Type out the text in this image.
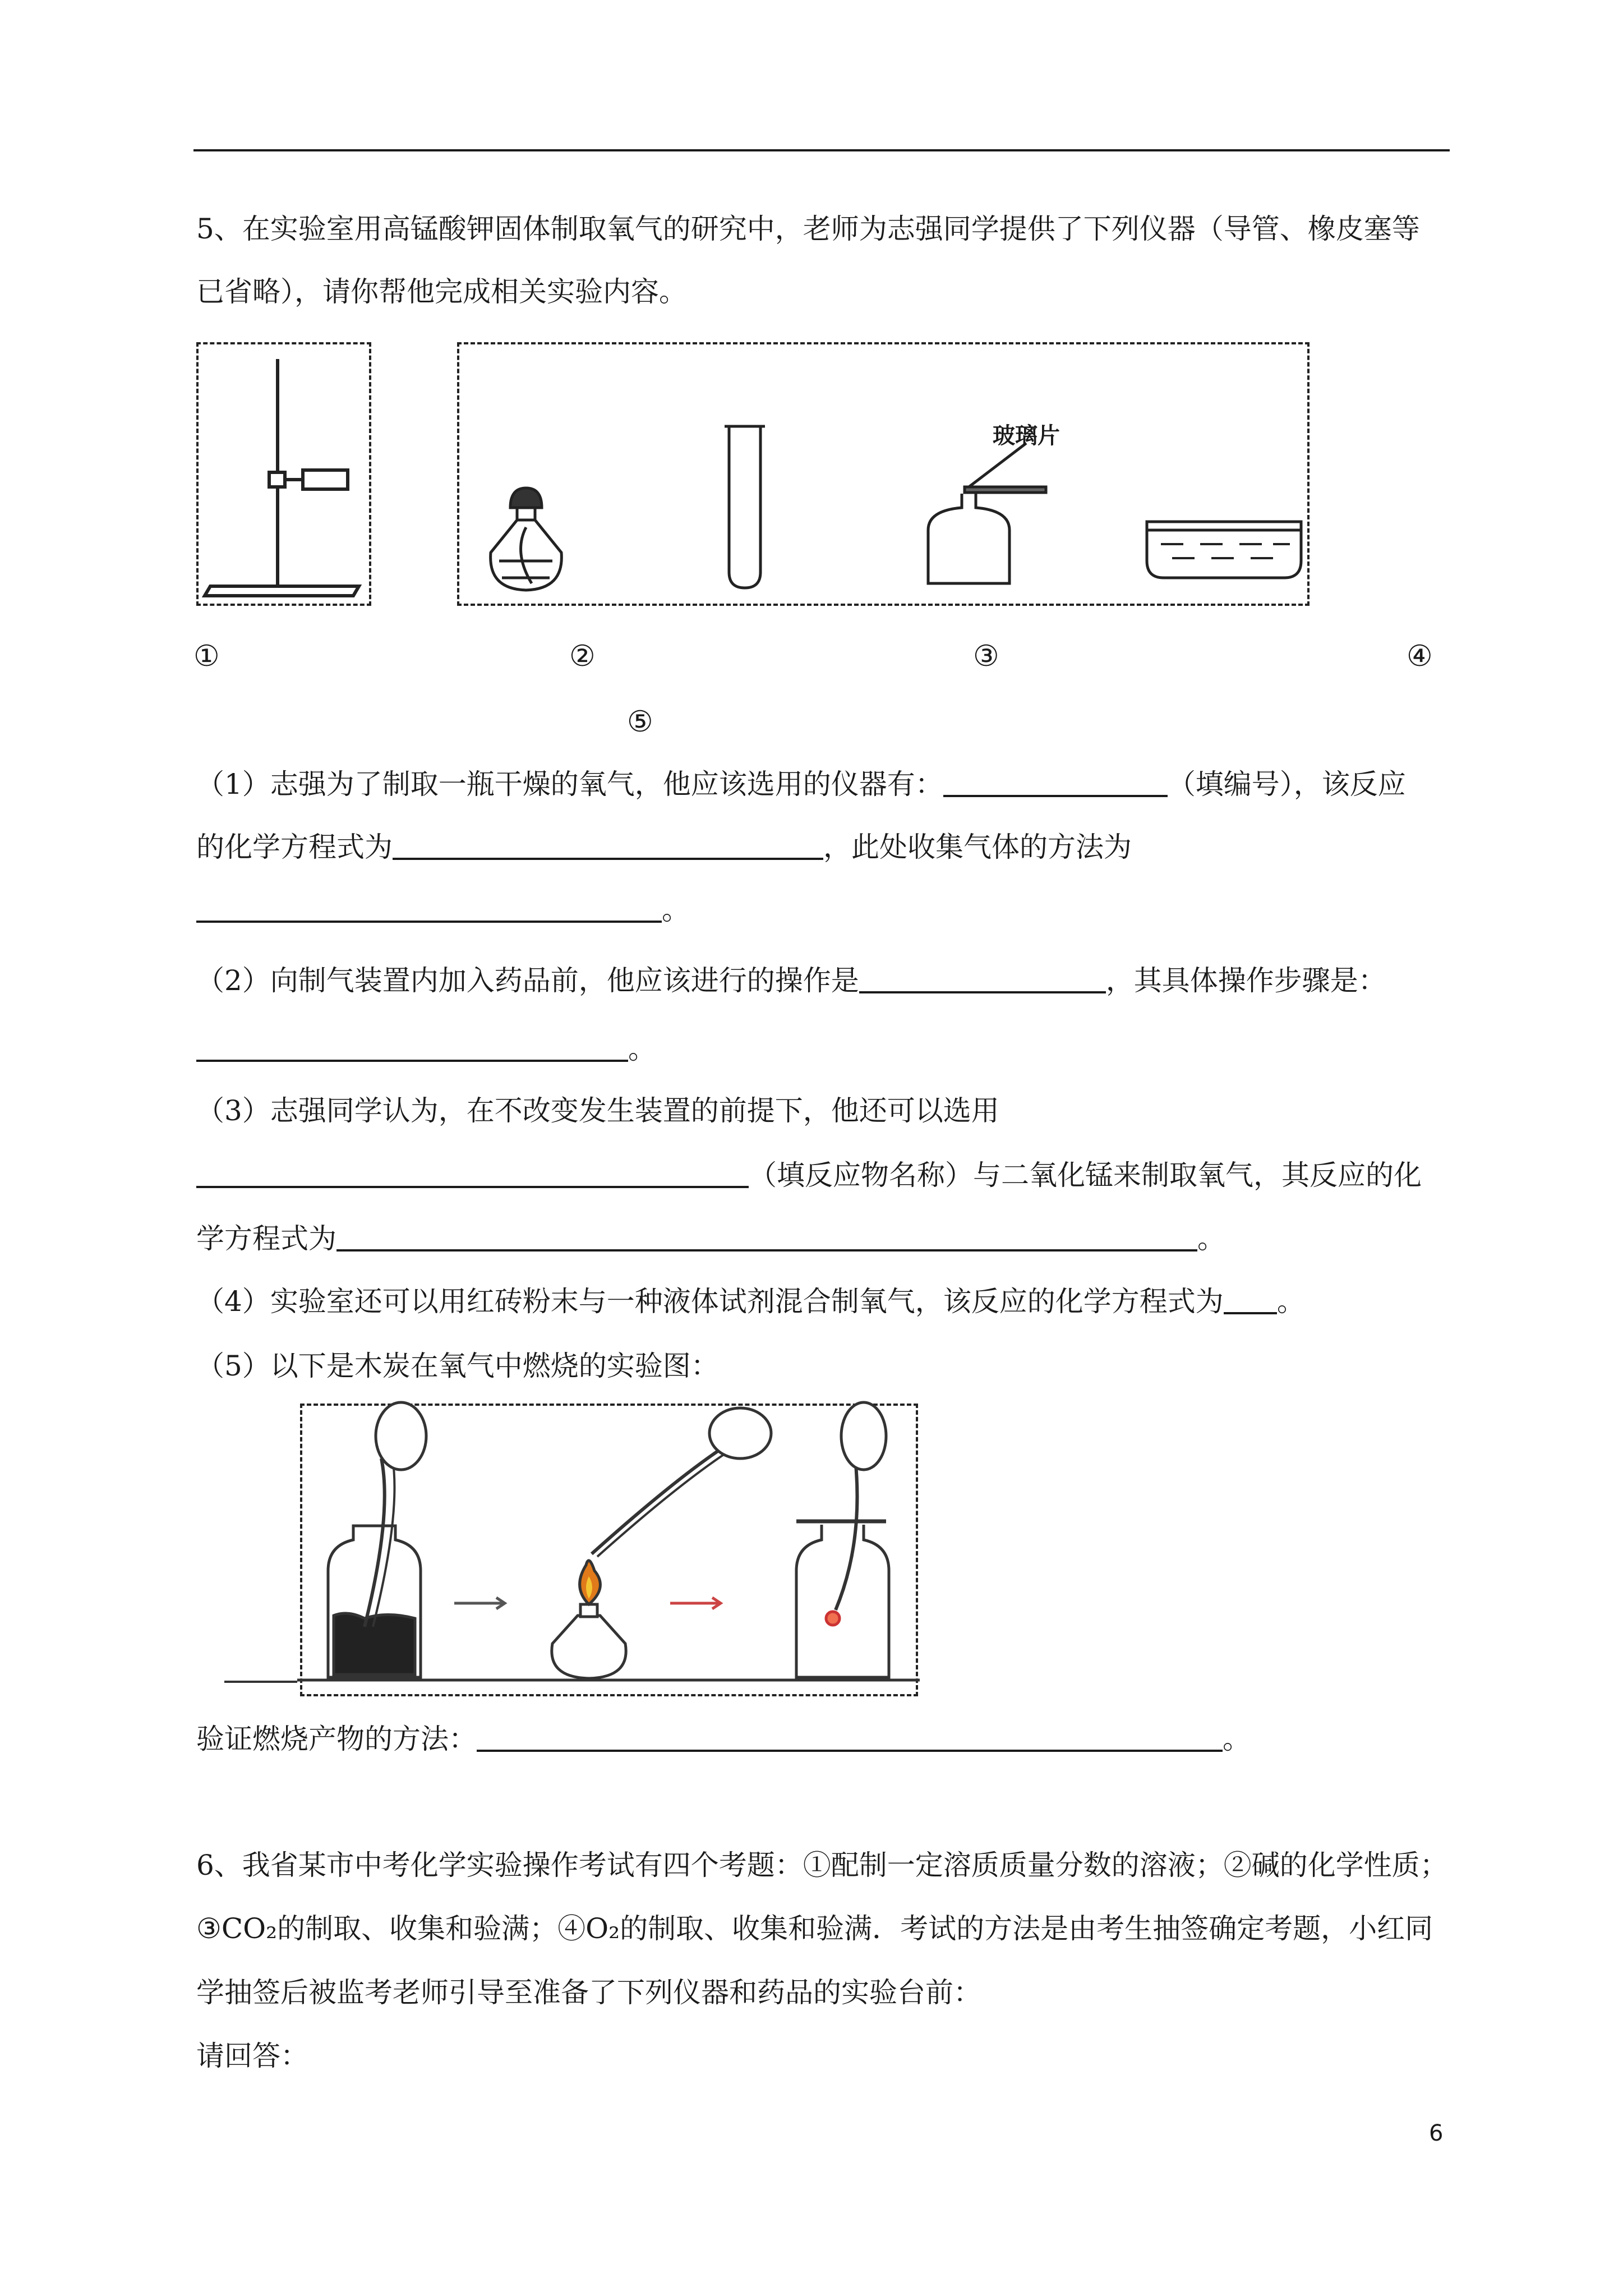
5、在实验室用高锰酸钾固体制取氧气的研究中，老师为志强同学提供了下列仪器（导管、橡皮塞等
已省略），请你帮他完成相关实验内容。
玻璃片
①	②	③	④
⑤
（1）志强为了制取一瓶干燥的氧气，他应该选用的仪器有：	（填编号），该反应
的化学方程式为	，此处收集气体的方法为
。
（2）向制气装置内加入药品前，他应该进行的操作是	，其具体操作步骤是：
。
（3）志强同学认为，在不改变发生装置的前提下，他还可以选用
（填反应物名称）与二氧化锰来制取氧气，其反应的化
学方程式为	。
（4）实验室还可以用红砖粉末与一种液体试剂混合制氧气，该反应的化学方程式为 。
（5）以下是木炭在氧气中燃烧的实验图：
验证燃烧产物的方法：	。
6、我省某市中考化学实验操作考试有四个考题：①配制一定溶质质量分数的溶液；②碱的化学性质；
③CO₂的制取、收集和验满；④O₂的制取、收集和验满．考试的方法是由考生抽签确定考题，小红同
学抽签后被监考老师引导至准备了下列仪器和药品的实验台前：
请回答：
6
